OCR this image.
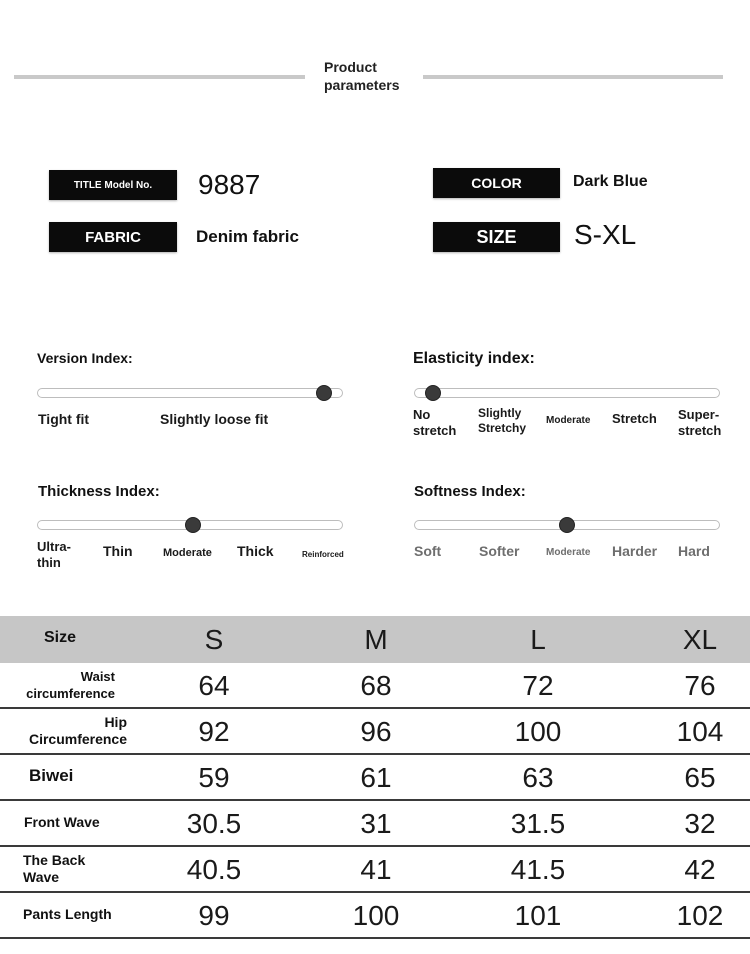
Product parameters
TITLE Model No. 9887	COLOR	Dark Blue
FABRIC	Denim fabric	SIZE S-XL
Version Index:
Tight fit	Slightly loose fit
Elasticity index:
No stretch
Slightly Stretchy
Moderate Stretch Super-stretch
Thickness Index:
Ultra-thin
Thin	Moderate Thick	Reinforced
Softness Index:
Soft	Softer	Moderate Harder Hard
Size	S	M	L	XL
Waist circumference	64	68	72	76
Hip Circumference	92	96	100	104
Biwei	59	61	63	65
Front Wave	30.5	31	31.5	32
The Back Wave	40.5	41	41.5	42
Pants Length	99	100	101	102
